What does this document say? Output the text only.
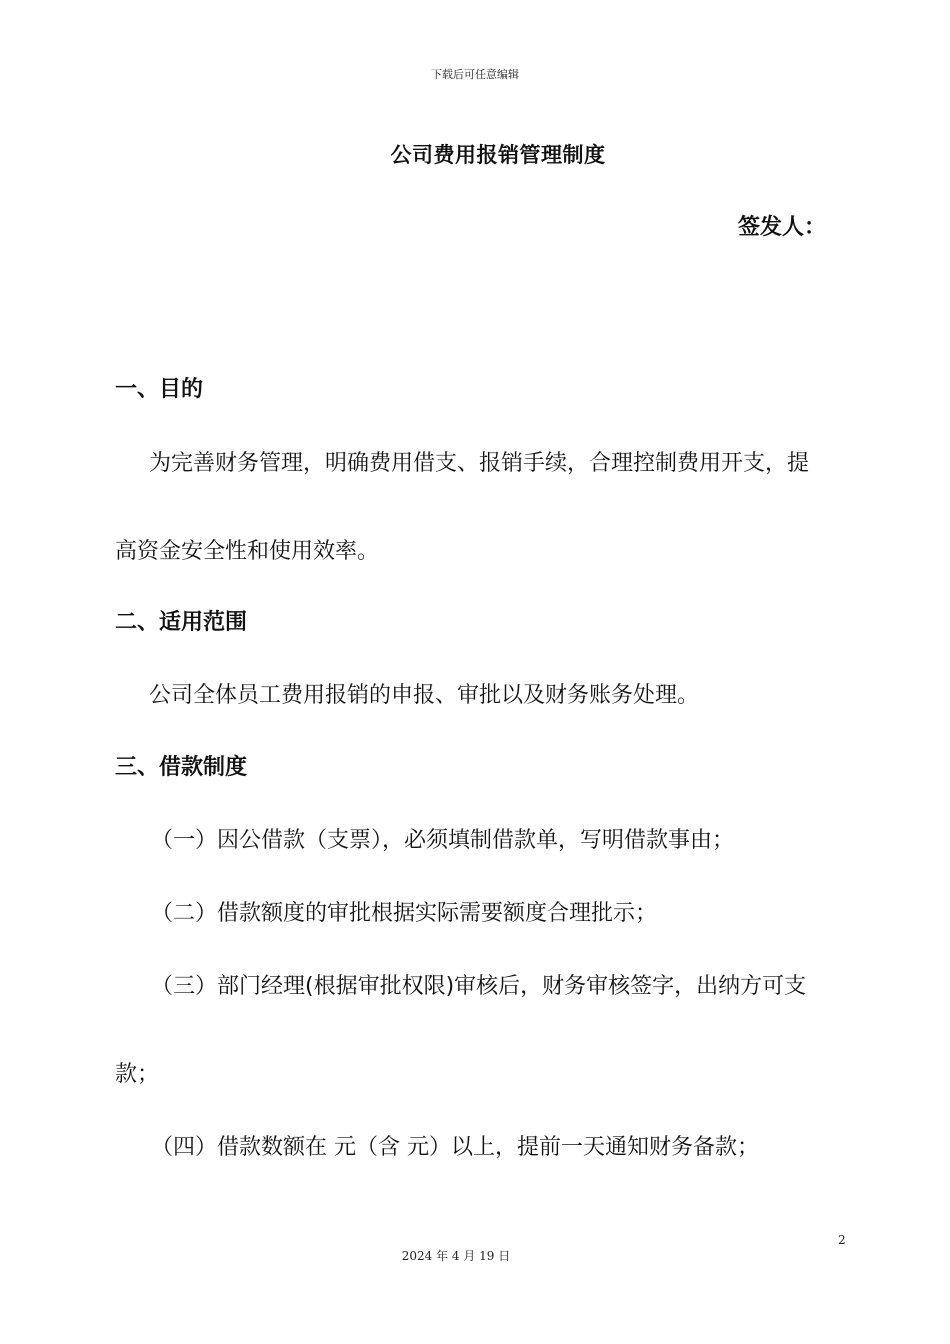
下载后可任意编辑
公司费用报销管理制度
签发人：
一、目的
为完善财务管理，明确费用借支、报销手续，合理控制费用开支，提
高资金安全性和使用效率。
二、适用范围
公司全体员工费用报销的申报、审批以及财务账务处理。
三、借款制度
（一）因公借款（支票），必须填制借款单，写明借款事由；
（二）借款额度的审批根据实际需要额度合理批示；
（三）部门经理(根据审批权限)审核后，财务审核签字，出纳方可支
款；
（四）借款数额在 元（含 元）以上，提前一天通知财务备款；
2
2024 年 4 月 19 日
